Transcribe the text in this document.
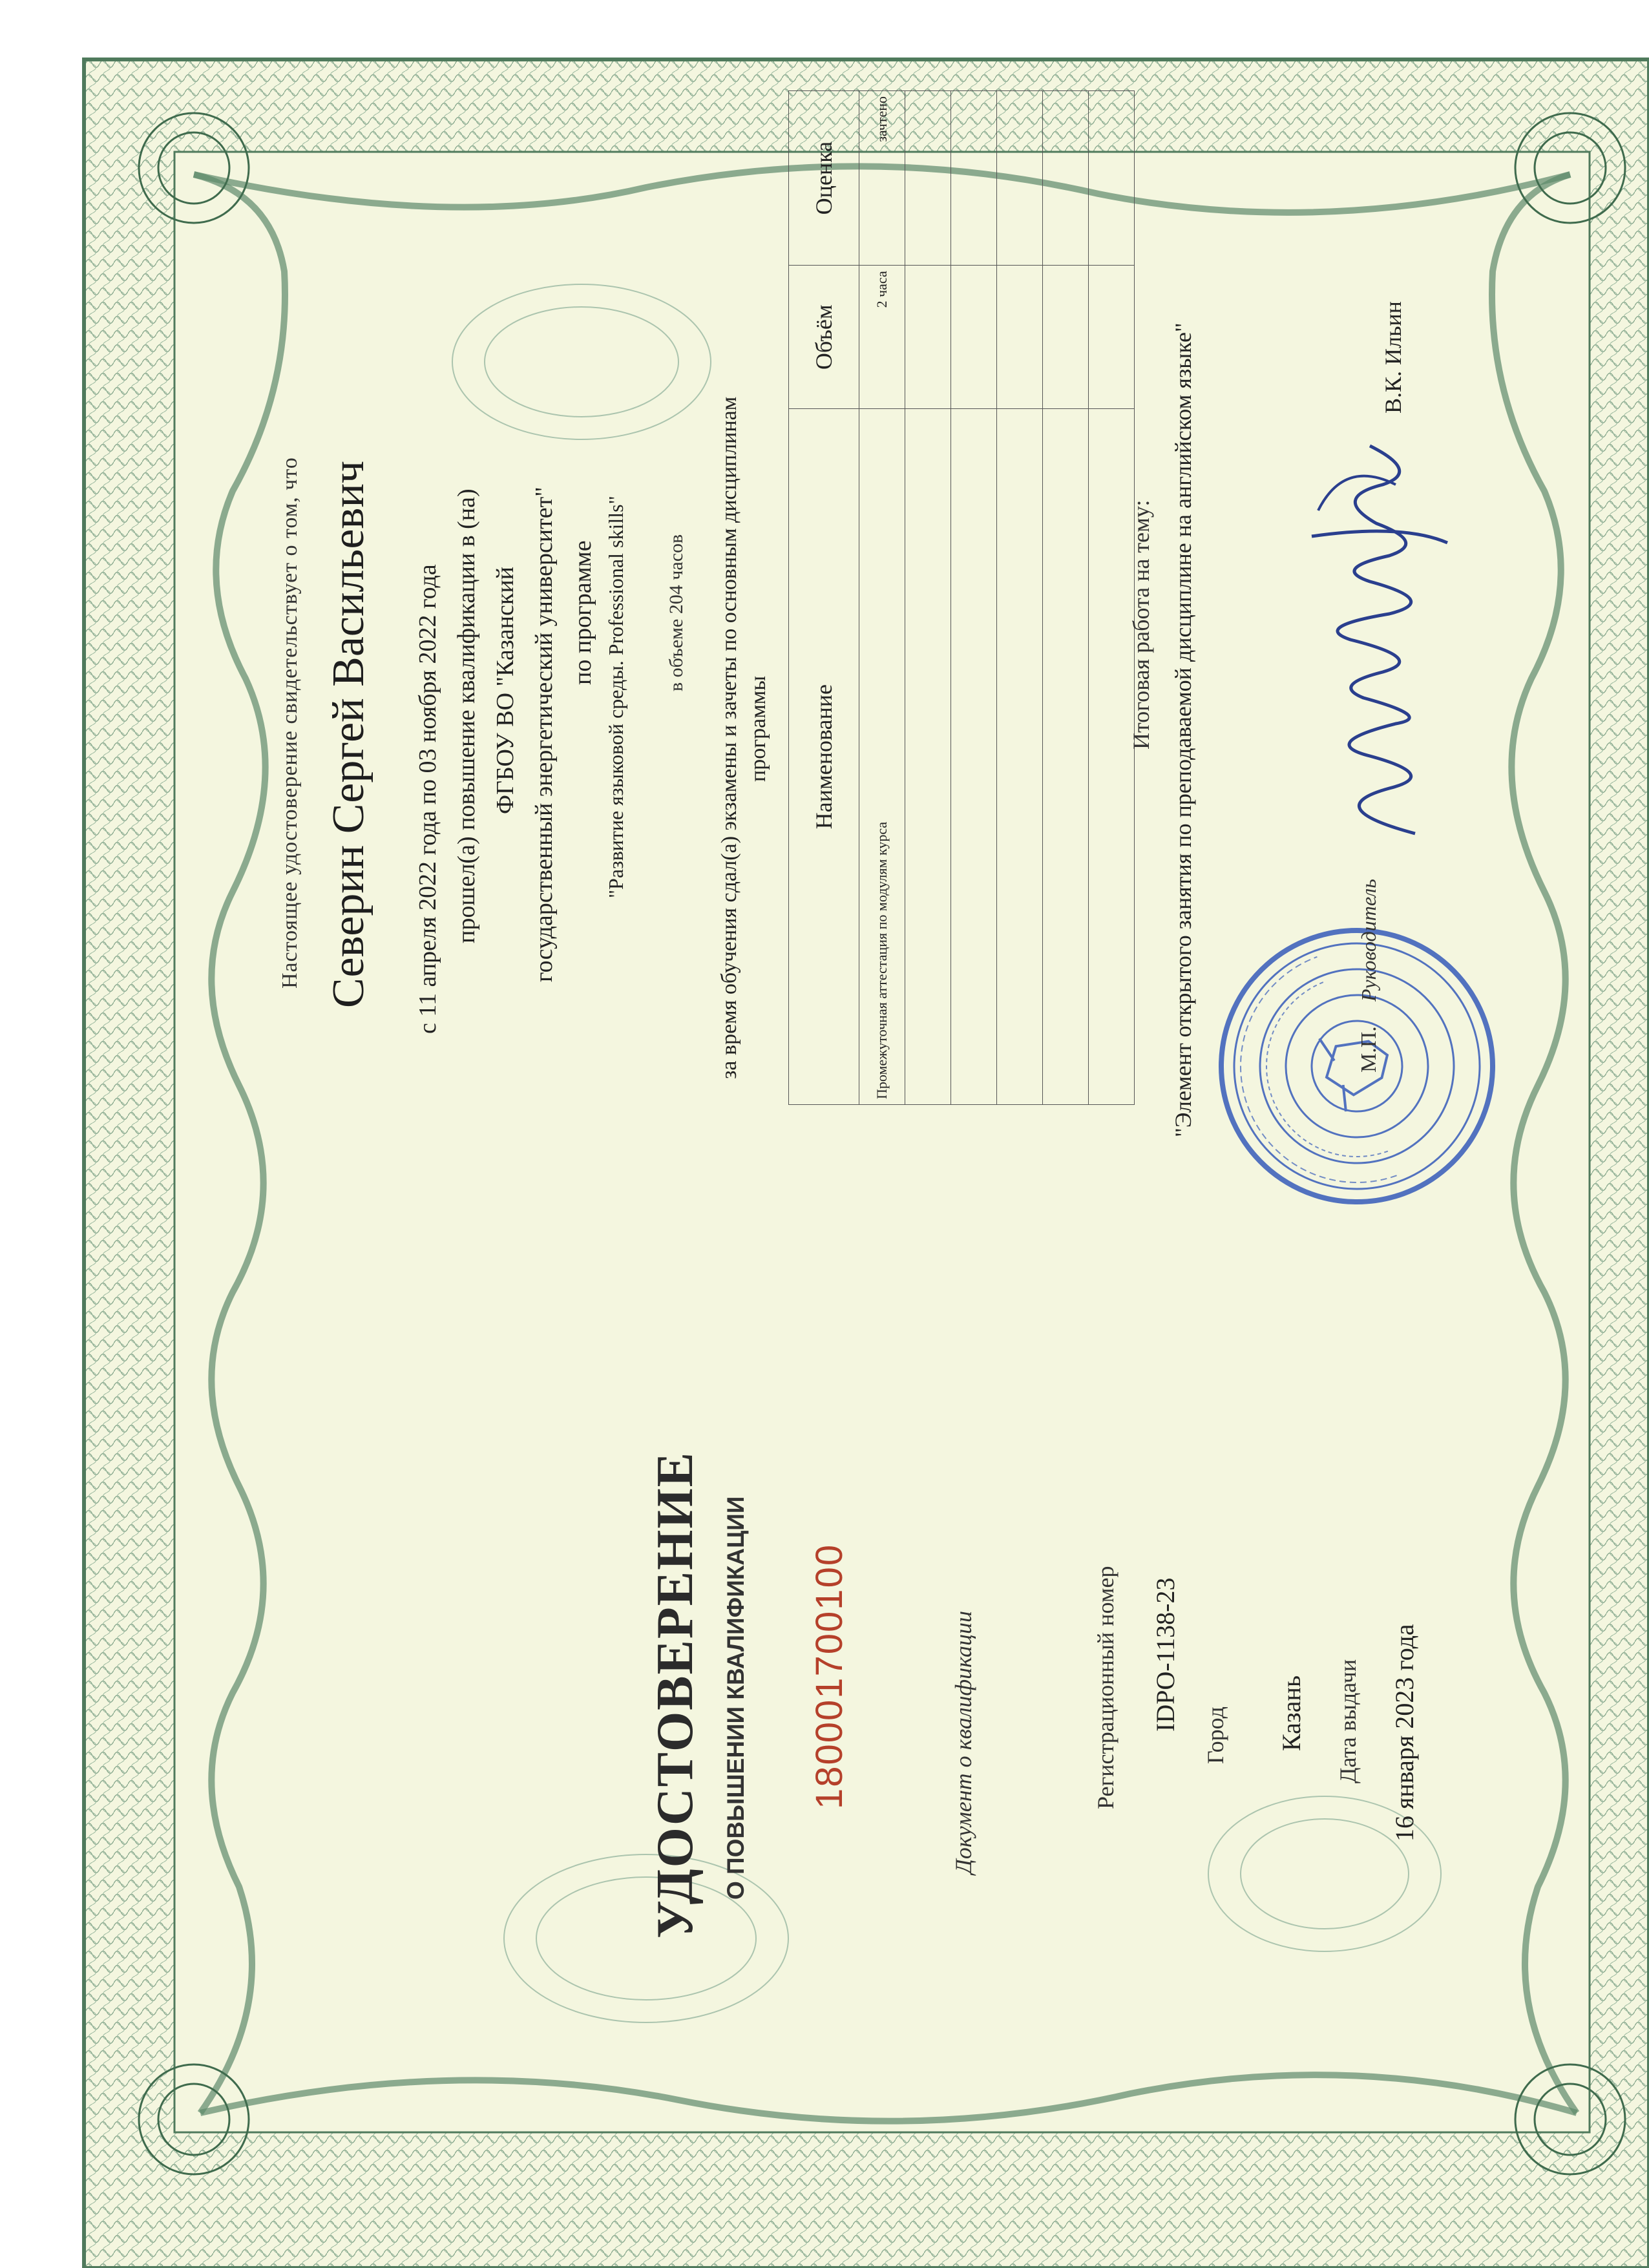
УДОСТОВЕРЕНИЕ О ПОВЫШЕНИИ КВАЛИФИКАЦИИ 180001700100	Документ о квалификации	Регистрационный номер IDPO-1138-23
Город Казань Дата выдачи 16 января 2023 года
Настоящее удостоверение свидетельствует о том, что Северин Сергей Васильевич с 11 апреля 2022 года по 03 ноября 2022 года прошел(а) повышение квалификации в (на) ФГБОУ ВО "Казанский государственный энергетический университет" по программе "Развитие языковой среды. Professional skills" в объеме 204 часов за время обучения сдал(а) экзамены и зачеты по основным дисциплинам программы Наименование	Объём	Оценка
Промежуточная аттестация по модулям курса	2 часа	зачтено

Итоговая работа на тему: "Элемент открытого занятия по преподаваемой дисциплине на английском языке"	М.П.
Руководитель
В.К. Ильин
